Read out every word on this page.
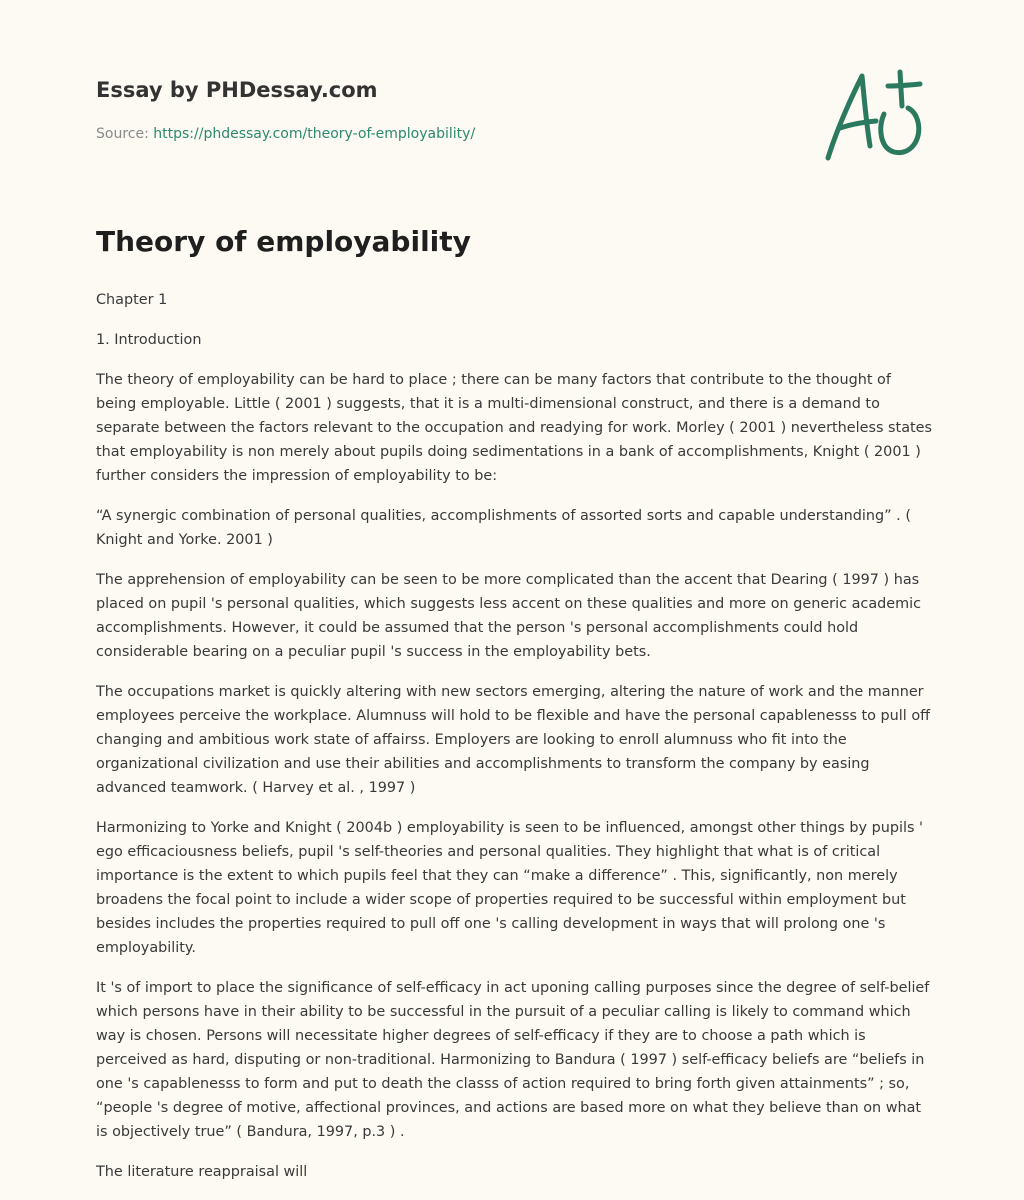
Essay by PHDessay.com
Source: https://phdessay.com/theory-of-employability/
Theory of employability

Chapter 1

1. Introduction

The theory of employability can be hard to place ; there can be many factors that contribute to the thought of being employable. Little ( 2001 ) suggests, that it is a multi-dimensional construct, and there is a demand to separate between the factors relevant to the occupation and readying for work. Morley ( 2001 ) nevertheless states that employability is non merely about pupils doing sedimentations in a bank of accomplishments, Knight ( 2001 ) further considers the impression of employability to be:

“A synergic combination of personal qualities, accomplishments of assorted sorts and capable understanding” . ( Knight and Yorke. 2001 )

The apprehension of employability can be seen to be more complicated than the accent that Dearing ( 1997 ) has placed on pupil 's personal qualities, which suggests less accent on these qualities and more on generic academic accomplishments. However, it could be assumed that the person 's personal accomplishments could hold considerable bearing on a peculiar pupil 's success in the employability bets.

The occupations market is quickly altering with new sectors emerging, altering the nature of work and the manner employees perceive the workplace. Alumnuss will hold to be flexible and have the personal capablenesss to pull off changing and ambitious work state of affairss. Employers are looking to enroll alumnuss who fit into the organizational civilization and use their abilities and accomplishments to transform the company by easing advanced teamwork. ( Harvey et al. , 1997 )

Harmonizing to Yorke and Knight ( 2004b ) employability is seen to be influenced, amongst other things by pupils ' ego efficaciousness beliefs, pupil 's self-theories and personal qualities. They highlight that what is of critical importance is the extent to which pupils feel that they can “make a difference” . This, significantly, non merely broadens the focal point to include a wider scope of properties required to be successful within employment but besides includes the properties required to pull off one 's calling development in ways that will prolong one 's employability.

It 's of import to place the significance of self-efficacy in act uponing calling purposes since the degree of self-belief which persons have in their ability to be successful in the pursuit of a peculiar calling is likely to command which way is chosen. Persons will necessitate higher degrees of self-efficacy if they are to choose a path which is perceived as hard, disputing or non-traditional. Harmonizing to Bandura ( 1997 ) self-efficacy beliefs are “beliefs in one 's capablenesss to form and put to death the classs of action required to bring forth given attainments” ; so, “people 's degree of motive, affectional provinces, and actions are based more on what they believe than on what is objectively true” ( Bandura, 1997, p.3 ) .

The literature reappraisal will
